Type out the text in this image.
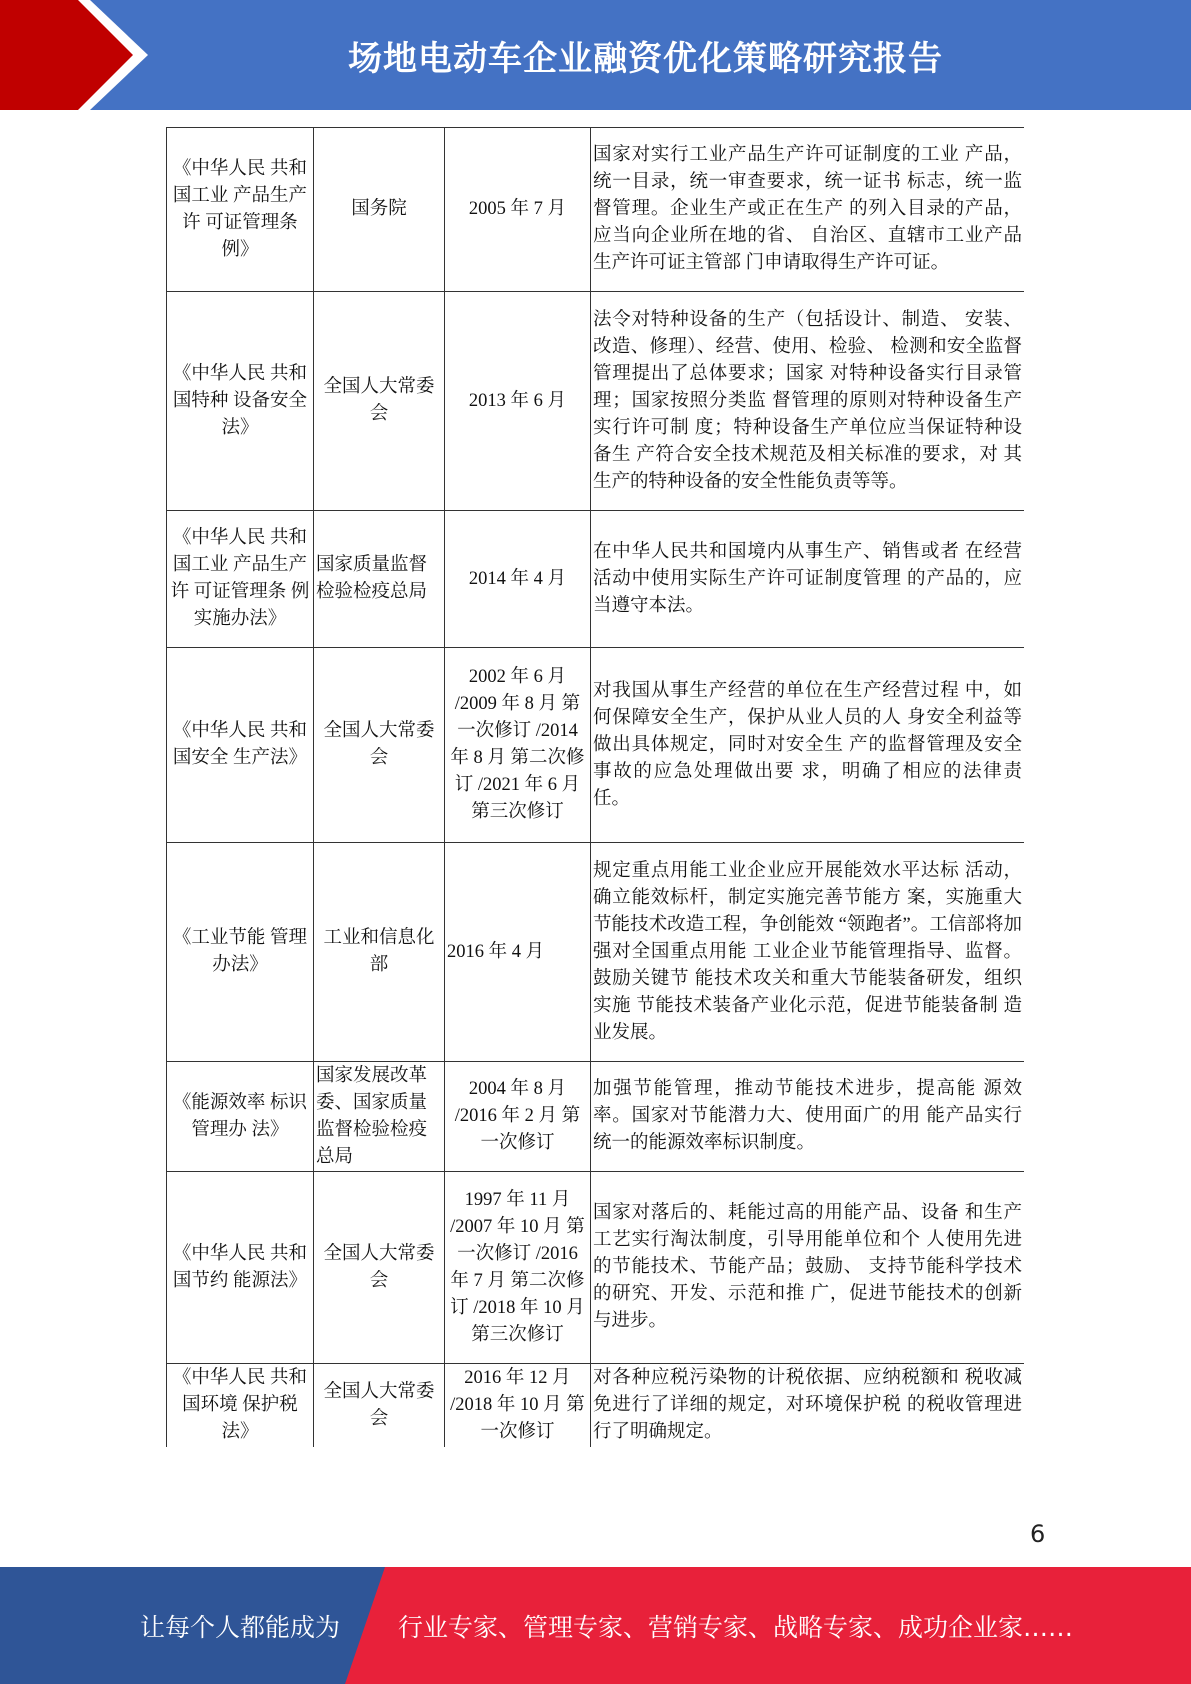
场地电动车企业融资优化策略研究报告
《中华人民 共和国工业 产品生产许 可证管理条 例》	国务院	2005 年 7 月	国家对实行工业产品生产许可证制度的工业 产品，统一目录，统一审查要求，统一证书 标志，统一监督管理。企业生产或正在生产 的列入目录的产品，应当向企业所在地的省、 自治区、直辖市工业产品生产许可证主管部 门申请取得生产许可证。
《中华人民 共和国特种 设备安全法》	全国人大常委会	2013 年 6 月	法令对特种设备的生产（包括设计、制造、 安装、改造、修理）、经营、使用、检验、 检测和安全监督管理提出了总体要求；国家 对特种设备实行目录管理；国家按照分类监 督管理的原则对特种设备生产实行许可制 度；特种设备生产单位应当保证特种设备生 产符合安全技术规范及相关标准的要求，对 其生产的特种设备的安全性能负责等等。
《中华人民 共和国工业 产品生产许 可证管理条 例实施办法》	国家质量监督检验检疫总局	2014 年 4 月	在中华人民共和国境内从事生产、销售或者 在经营活动中使用实际生产许可证制度管理 的产品的，应当遵守本法。
《中华人民 共和国安全 生产法》	全国人大常委会	2002 年 6 月 /2009 年 8 月 第一次修订 /2014 年 8 月 第二次修订 /2021 年 6 月 第三次修订	对我国从事生产经营的单位在生产经营过程 中，如何保障安全生产，保护从业人员的人 身安全利益等做出具体规定，同时对安全生 产的监督管理及安全事故的应急处理做出要 求，明确了相应的法律责任。
《工业节能 管理办法》	工业和信息化部	2016 年 4 月	规定重点用能工业企业应开展能效水平达标 活动，确立能效标杆，制定实施完善节能方 案，实施重大节能技术改造工程，争创能效 “领跑者”。工信部将加强对全国重点用能 工业企业节能管理指导、监督。鼓励关键节 能技术攻关和重大节能装备研发，组织实施 节能技术装备产业化示范，促进节能装备制 造业发展。
《能源效率 标识管理办 法》	国家发展改革委、国家质量监督检验检疫总局	2004 年 8 月 /2016 年 2 月 第一次修订	加强节能管理，推动节能技术进步，提高能 源效率。国家对节能潜力大、使用面广的用 能产品实行统一的能源效率标识制度。
《中华人民 共和国节约 能源法》	全国人大常委会	1997 年 11 月 /2007 年 10 月 第一次修订 /2016 年 7 月 第二次修订 /2018 年 10 月 第三次修订	国家对落后的、耗能过高的用能产品、设备 和生产工艺实行淘汰制度，引导用能单位和个 人使用先进的节能技术、节能产品；鼓励、 支持节能科学技术的研究、开发、示范和推 广，促进节能技术的创新与进步。
《中华人民 共和国环境 保护税法》	全国人大常委会	2016 年 12 月 /2018 年 10 月 第一次修订	对各种应税污染物的计税依据、应纳税额和 税收减免进行了详细的规定，对环境保护税 的税收管理进行了明确规定。
6
让每个人都能成为 行业专家、管理专家、营销专家、战略专家、成功企业家……
